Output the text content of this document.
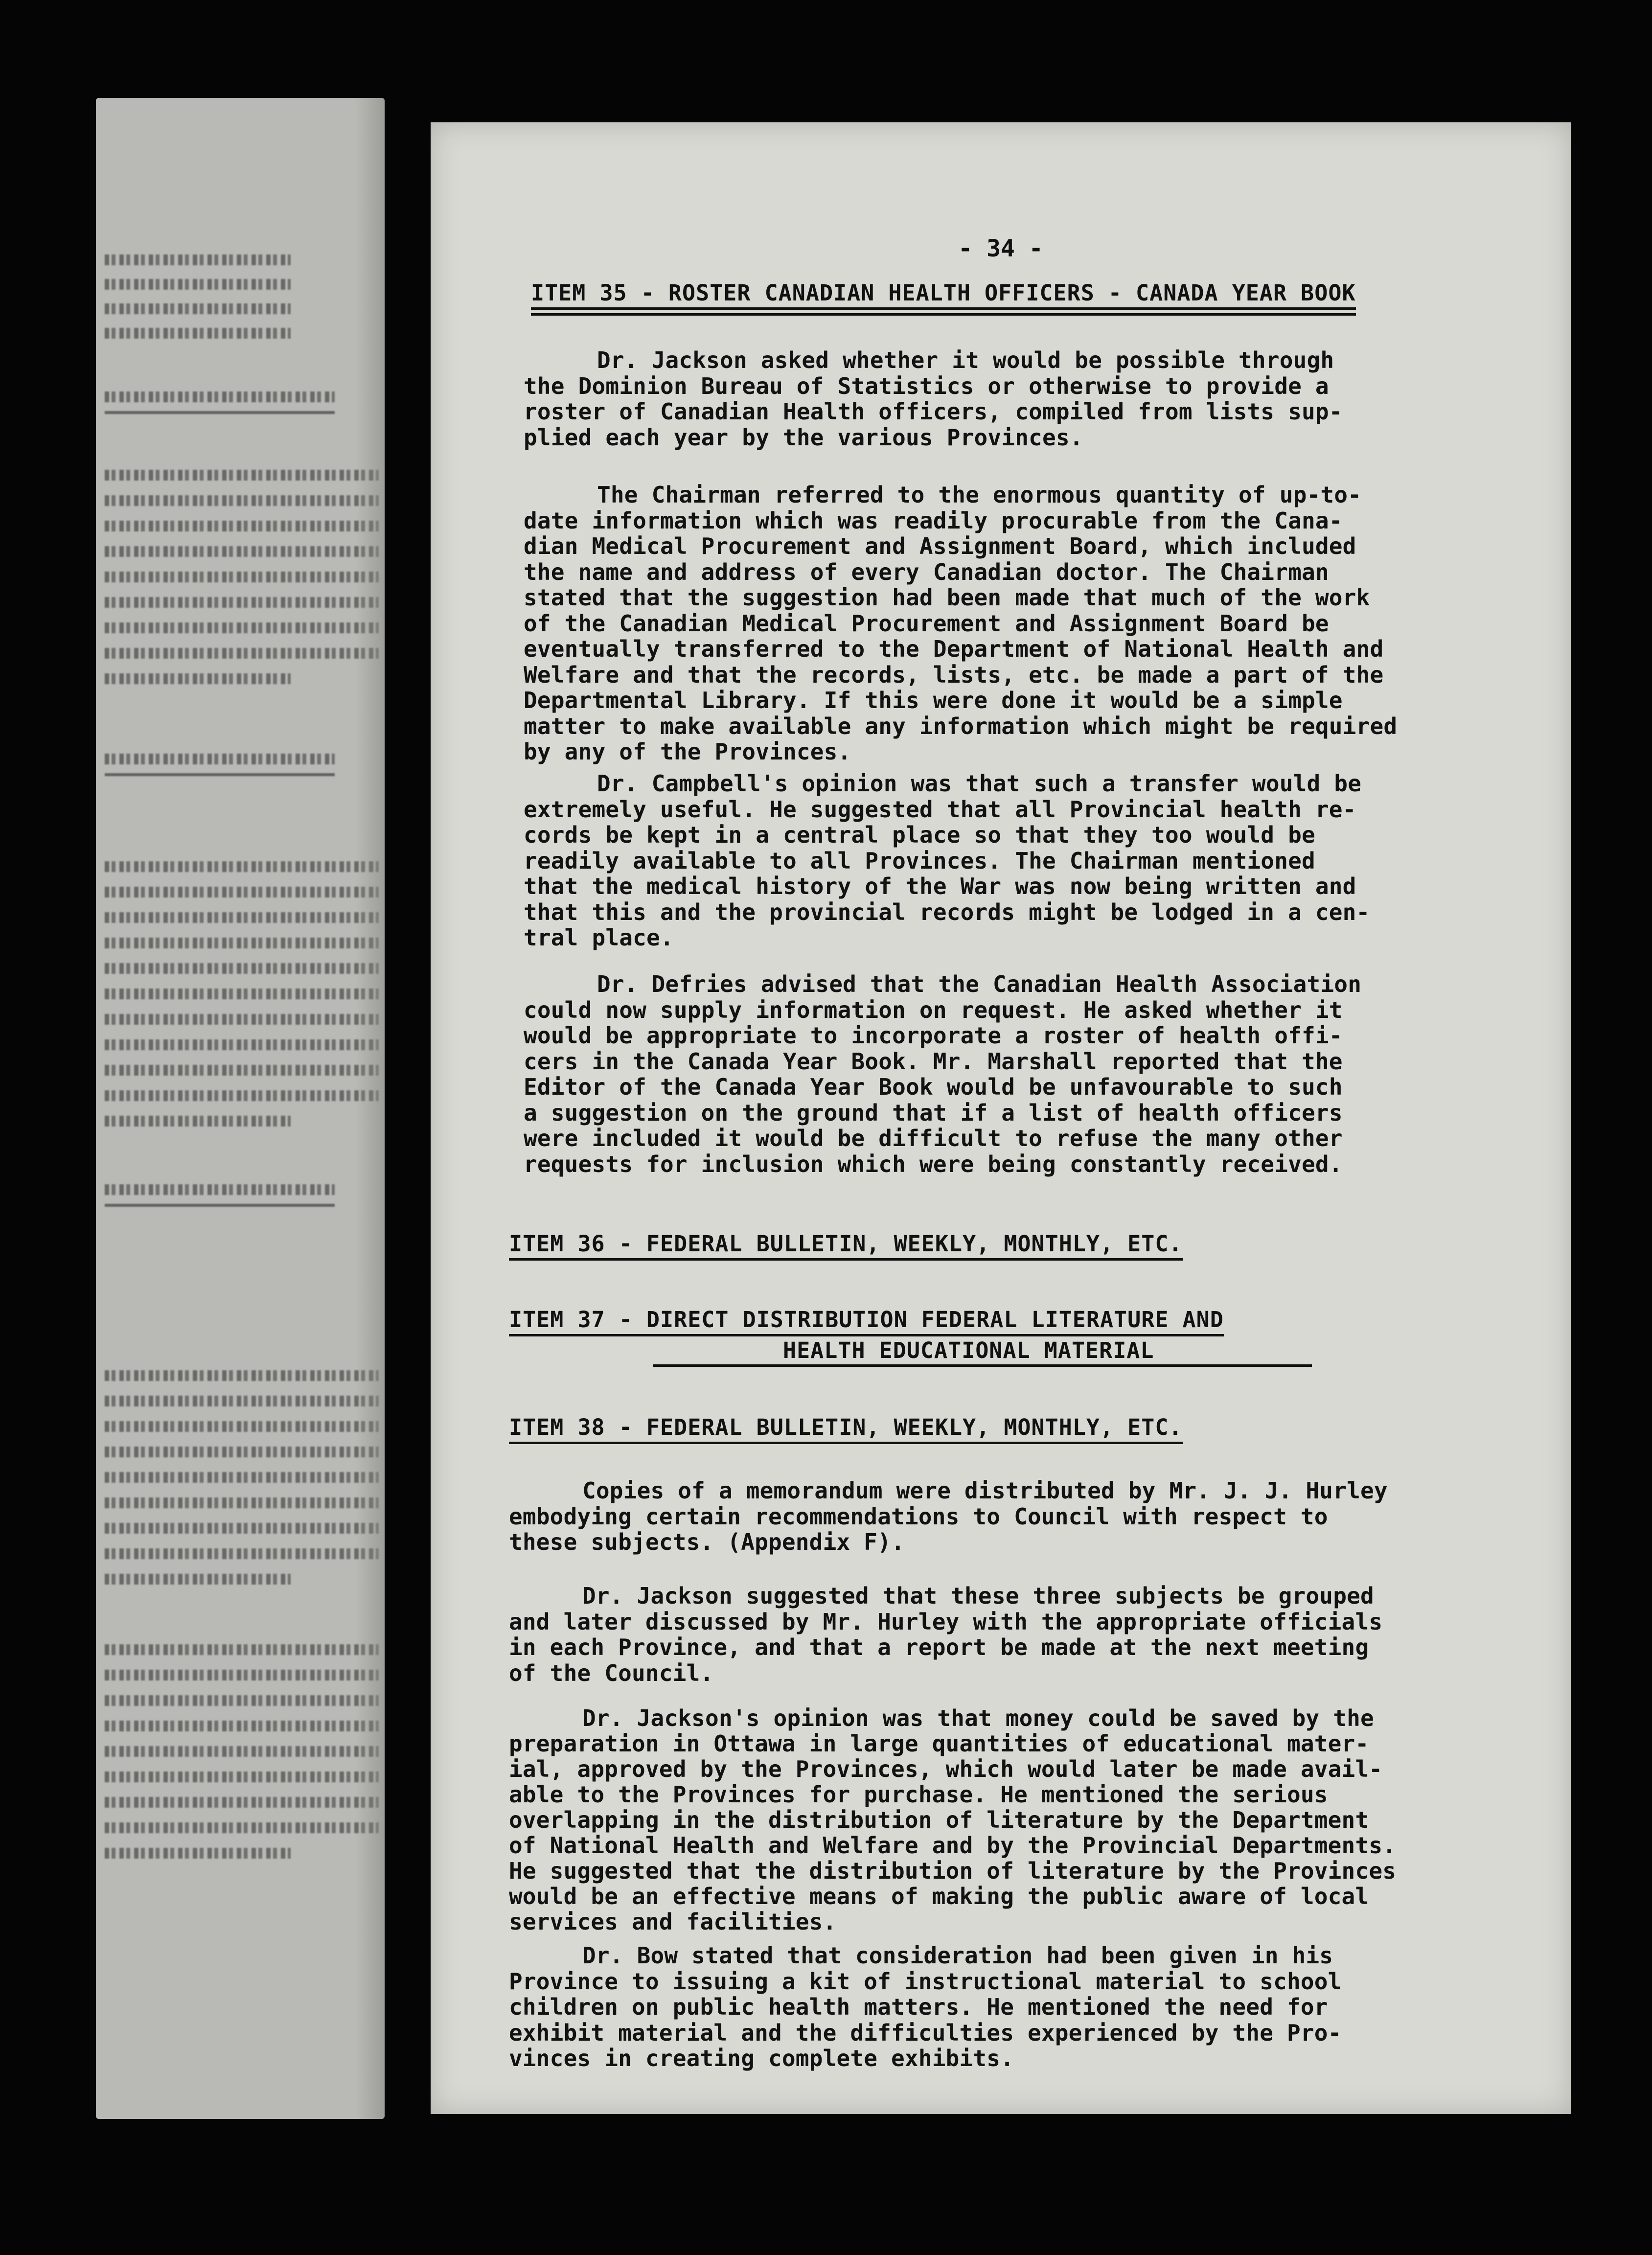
- 34 -
ITEM 35 - ROSTER CANADIAN HEALTH OFFICERS - CANADA YEAR BOOK
Dr. Jackson asked whether it would be possible through
the Dominion Bureau of Statistics or otherwise to provide a
roster of Canadian Health officers, compiled from lists sup-
plied each year by the various Provinces.
The Chairman referred to the enormous quantity of up-to-
date information which was readily procurable from the Cana-
dian Medical Procurement and Assignment Board, which included
the name and address of every Canadian doctor. The Chairman
stated that the suggestion had been made that much of the work
of the Canadian Medical Procurement and Assignment Board be
eventually transferred to the Department of National Health and
Welfare and that the records, lists, etc. be made a part of the
Departmental Library. If this were done it would be a simple
matter to make available any information which might be required
by any of the Provinces.
Dr. Campbell's opinion was that such a transfer would be
extremely useful. He suggested that all Provincial health re-
cords be kept in a central place so that they too would be
readily available to all Provinces. The Chairman mentioned
that the medical history of the War was now being written and
that this and the provincial records might be lodged in a cen-
tral place.
Dr. Defries advised that the Canadian Health Association
could now supply information on request. He asked whether it
would be appropriate to incorporate a roster of health offi-
cers in the Canada Year Book. Mr. Marshall reported that the
Editor of the Canada Year Book would be unfavourable to such
a suggestion on the ground that if a list of health officers
were included it would be difficult to refuse the many other
requests for inclusion which were being constantly received.
ITEM 36 - FEDERAL BULLETIN, WEEKLY, MONTHLY, ETC.
ITEM 37 - DIRECT DISTRIBUTION FEDERAL LITERATURE AND
HEALTH EDUCATIONAL MATERIAL
ITEM 38 - FEDERAL BULLETIN, WEEKLY, MONTHLY, ETC.
Copies of a memorandum were distributed by Mr. J. J. Hurley
embodying certain recommendations to Council with respect to
these subjects. (Appendix F).
Dr. Jackson suggested that these three subjects be grouped
and later discussed by Mr. Hurley with the appropriate officials
in each Province, and that a report be made at the next meeting
of the Council.
Dr. Jackson's opinion was that money could be saved by the
preparation in Ottawa in large quantities of educational mater-
ial, approved by the Provinces, which would later be made avail-
able to the Provinces for purchase. He mentioned the serious
overlapping in the distribution of literature by the Department
of National Health and Welfare and by the Provincial Departments.
He suggested that the distribution of literature by the Provinces
would be an effective means of making the public aware of local
services and facilities.
Dr. Bow stated that consideration had been given in his
Province to issuing a kit of instructional material to school
children on public health matters. He mentioned the need for
exhibit material and the difficulties experienced by the Pro-
vinces in creating complete exhibits.
